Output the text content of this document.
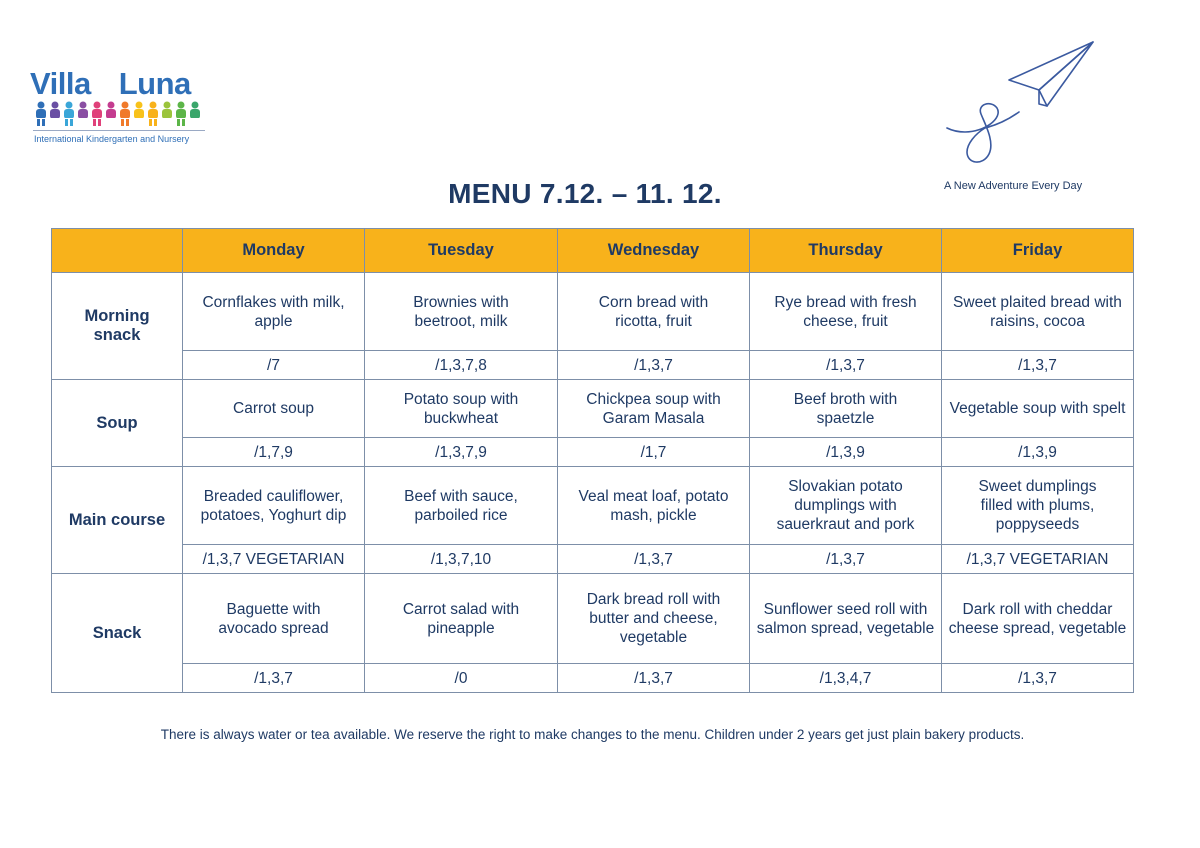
Villa Luna
International Kindergarten and Nursery
A New Adventure Every Day
MENU 7.12. – 11. 12.
	Monday	Tuesday	Wednesday	Thursday	Friday
Morning snack	Cornflakes with milk, apple	Brownies with beetroot, milk	Corn bread with ricotta, fruit	Rye bread with fresh cheese, fruit	Sweet plaited bread with raisins, cocoa
	/7	/1,3,7,8	/1,3,7	/1,3,7	/1,3,7
Soup	Carrot soup	Potato soup with buckwheat	Chickpea soup with Garam Masala	Beef broth with spaetzle	Vegetable soup with spelt
	/1,7,9	/1,3,7,9	/1,7	/1,3,9	/1,3,9
Main course	Breaded cauliflower, potatoes, Yoghurt dip	Beef with sauce, parboiled rice	Veal meat loaf, potato mash, pickle	Slovakian potato dumplings with sauerkraut and pork	Sweet dumplings filled with plums, poppyseeds
	/1,3,7 VEGETARIAN	/1,3,7,10	/1,3,7	/1,3,7	/1,3,7 VEGETARIAN
Snack	Baguette with avocado spread	Carrot salad with pineapple	Dark bread roll with butter and cheese, vegetable	Sunflower seed roll with salmon spread, vegetable	Dark roll with cheddar cheese spread, vegetable
	/1,3,7	/0	/1,3,7	/1,3,4,7	/1,3,7
There is always water or tea available. We reserve the right to make changes to the menu. Children under 2 years get just plain bakery products.
